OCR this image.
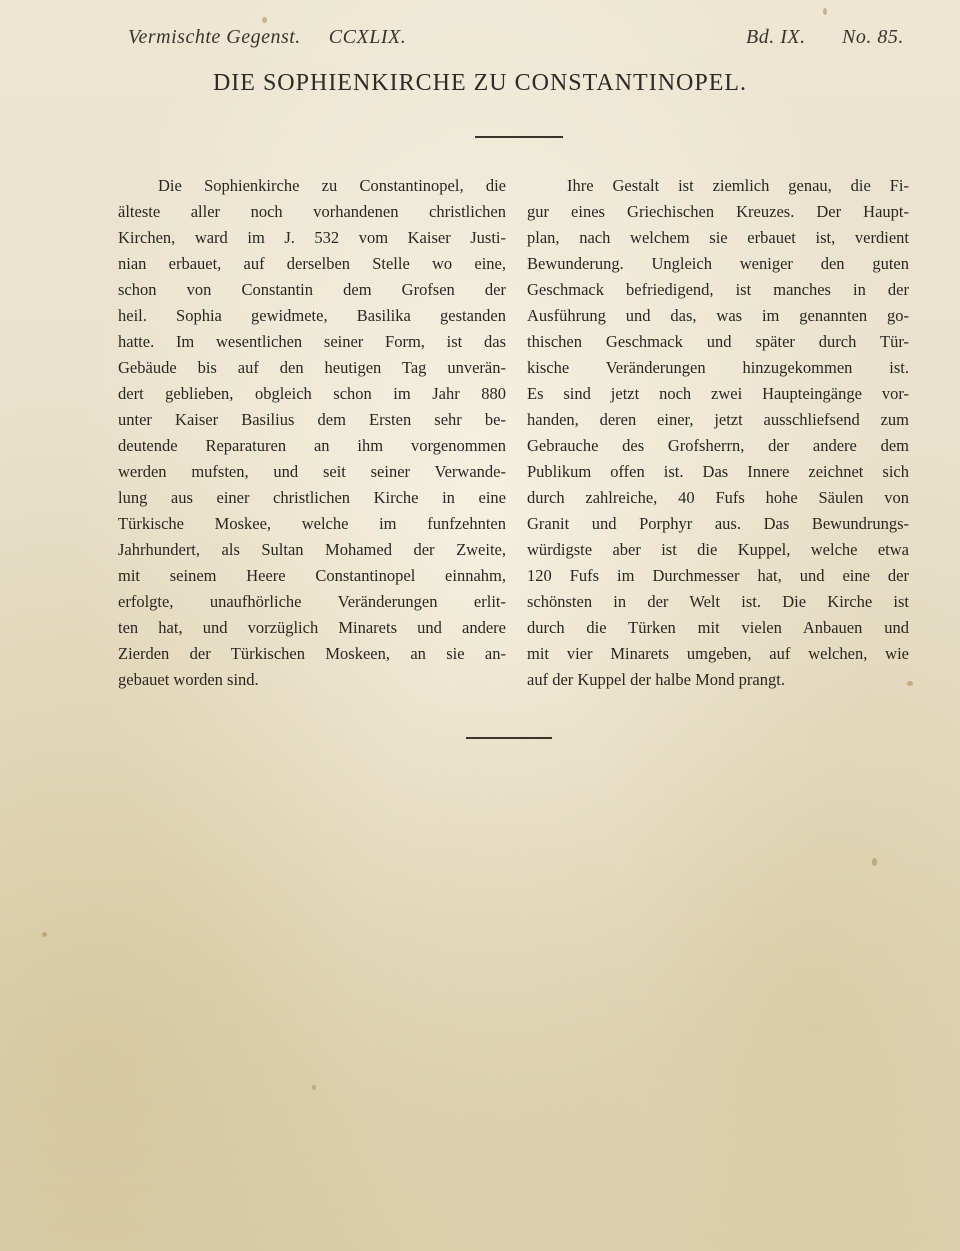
Vermischte Gegenst. CCXLIX.	Bd. IX. No. 85.
DIE SOPHIENKIRCHE ZU CONSTANTINOPEL.
Die Sophienkirche zu Constantinopel, die
älteste aller noch vorhandenen christlichen
Kirchen, ward im J. 532 vom Kaiser Justi-
nian erbauet, auf derselben Stelle wo eine,
schon von Constantin dem Grofsen der
heil. Sophia gewidmete, Basilika gestanden
hatte. Im wesentlichen seiner Form, ist das
Gebäude bis auf den heutigen Tag unverän-
dert geblieben, obgleich schon im Jahr 880
unter Kaiser Basilius dem Ersten sehr be-
deutende Reparaturen an ihm vorgenommen
werden mufsten, und seit seiner Verwande-
lung aus einer christlichen Kirche in eine
Türkische Moskee, welche im funfzehnten
Jahrhundert, als Sultan Mohamed der Zweite,
mit seinem Heere Constantinopel einnahm,
erfolgte, unaufhörliche Veränderungen erlit-
ten hat, und vorzüglich Minarets und andere
Zierden der Türkischen Moskeen, an sie an-
gebauet worden sind.
Ihre Gestalt ist ziemlich genau, die Fi-
gur eines Griechischen Kreuzes. Der Haupt-
plan, nach welchem sie erbauet ist, verdient
Bewunderung. Ungleich weniger den guten
Geschmack befriedigend, ist manches in der
Ausführung und das, was im genannten go-
thischen Geschmack und später durch Tür-
kische Veränderungen hinzugekommen ist.
Es sind jetzt noch zwei Haupteingänge vor-
handen, deren einer, jetzt ausschliefsend zum
Gebrauche des Grofsherrn, der andere dem
Publikum offen ist. Das Innere zeichnet sich
durch zahlreiche, 40 Fufs hohe Säulen von
Granit und Porphyr aus. Das Bewundrungs-
würdigste aber ist die Kuppel, welche etwa
120 Fufs im Durchmesser hat, und eine der
schönsten in der Welt ist. Die Kirche ist
durch die Türken mit vielen Anbauen und
mit vier Minarets umgeben, auf welchen, wie
auf der Kuppel der halbe Mond prangt.
